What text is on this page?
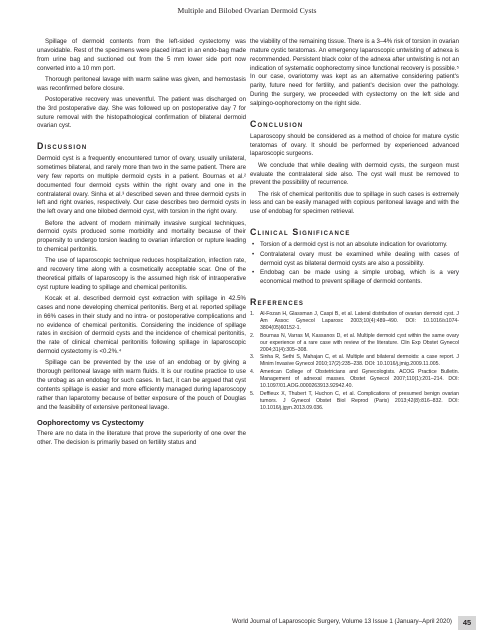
Multiple and Bilobed Ovarian Dermoid Cysts

Spillage of dermoid contents from the left-sided cystectomy was unavoidable. Rest of the specimens were placed intact in an endo-bag made from urine bag and suctioned out from the 5 mm lower side port now converted into a 10 mm port.

Thorough peritoneal lavage with warm saline was given, and hemostasis was reconfirmed before closure.

Postoperative recovery was uneventful. The patient was discharged on the 3rd postoperative day. She was followed up on postoperative day 7 for suture removal with the histopathological confirmation of bilateral dermoid ovarian cyst.

Discussion

Dermoid cyst is a frequently encountered tumor of ovary, usually unilateral, sometimes bilateral, and rarely more than two in the same patient. There are very few reports on multiple dermoid cysts in a patient. Bournas et al.² documented four dermoid cysts within the right ovary and one in the contralateral ovary. Sinha et al.³ described seven and three dermoid cysts in left and right ovaries, respectively. Our case describes two dermoid cysts in the left ovary and one bilobed dermoid cyst, with torsion in the right ovary.

Before the advent of modern minimally invasive surgical techniques, dermoid cysts produced some morbidity and mortality because of their propensity to undergo torsion leading to ovarian infarction or rupture leading to chemical peritonitis.

The use of laparoscopic technique reduces hospitalization, infection rate, and recovery time along with a cosmetically acceptable scar. One of the theoretical pitfalls of laparoscopy is the assumed high risk of intraoperative cyst rupture leading to spillage and chemical peritonitis.

Kocak et al. described dermoid cyst extraction with spillage in 42.5% cases and none developing chemical peritonitis. Berg et al. reported spillage in 66% cases in their study and no intra- or postoperative complications and no evidence of chemical peritonitis. Considering the incidence of spillage rates in excision of dermoid cysts and the incidence of chemical peritonitis, the rate of clinical chemical peritonitis following spillage in laparoscopic dermoid cystectomy is <0.2%.⁴

Spillage can be prevented by the use of an endobag or by giving a thorough peritoneal lavage with warm fluids. It is our routine practice to use the urobag as an endobag for such cases. In fact, it can be argued that cyst contents spillage is easier and more efficiently managed during laparoscopy rather than laparotomy because of better exposure of the pouch of Douglas and the feasibility of extensive peritoneal lavage.

Oophorectomy vs Cystectomy

There are no data in the literature that prove the superiority of one over the other. The decision is primarily based on fertility status and

the viability of the remaining tissue. There is a 3–4% risk of torsion in ovarian mature cystic teratomas. An emergency laparoscopic untwisting of adnexa is recommended. Persistent black color of the adnexa after untwisting is not an indication of systematic oophorectomy since functional recovery is possible.⁵ In our case, ovariotomy was kept as an alternative considering patient's parity, future need for fertility, and patient's decision over the pathology. During the surgery, we proceeded with cystectomy on the left side and salpingo-oophorectomy on the right side.

Conclusion

Laparoscopy should be considered as a method of choice for mature cystic teratomas of ovary. It should be performed by experienced advanced laparoscopic surgeons.

We conclude that while dealing with dermoid cysts, the surgeon must evaluate the contralateral side also. The cyst wall must be removed to prevent the possibility of recurrence.

The risk of chemical peritonitis due to spillage in such cases is extremely less and can be easily managed with copious peritoneal lavage and with the use of endobag for specimen retrieval.

Clinical Significance
• Torsion of a dermoid cyst is not an absolute indication for ovariotomy.
• Contralateral ovary must be examined while dealing with cases of dermoid cyst as bilateral dermoid cysts are also a possibility.
• Endobag can be made using a simple urobag, which is a very economical method to prevent spillage of dermoid contents.
References
1. Al-Fozan H, Glassman J, Caspi B, et al. Lateral distribution of ovarian dermoid cyst. J Am Assoc Gynecol Laparosc 2003;10(4):489–490. DOI: 10.1016/s1074-3804(05)60152-1.
2. Bournas N, Varras M, Kassanos D, et al. Multiple dermoid cyst within the same ovary our experience of a rare case with review of the literature. Clin Exp Obstet Gynecol 2004;31(4):305–308.
3. Sinha R, Sethi S, Mahajan C, et al. Multiple and bilateral dermoids: a case report. J Minim Invasive Gynecol 2010;17(2):235–238. DOI: 10.1016/j.jmig.2009.11.005.
4. American College of Obstetricians and Gynecologists. ACOG Practice Bulletin. Management of adnexal masses. Obstet Gynecol 2007;110(1):201–214. DOI: 10.1097/01.AOG.0000263913.92942.40.
5. Deffieux X, Thubert T, Huchon C, et al. Complications of presumed benign ovarian tumors. J Gynecol Obstet Biol Reprod (Paris) 2013;42(8):816–832. DOI: 10.1016/j.jgyn.2013.09.036.
World Journal of Laparoscopic Surgery, Volume 13 Issue 1 (January–April 2020)	45
